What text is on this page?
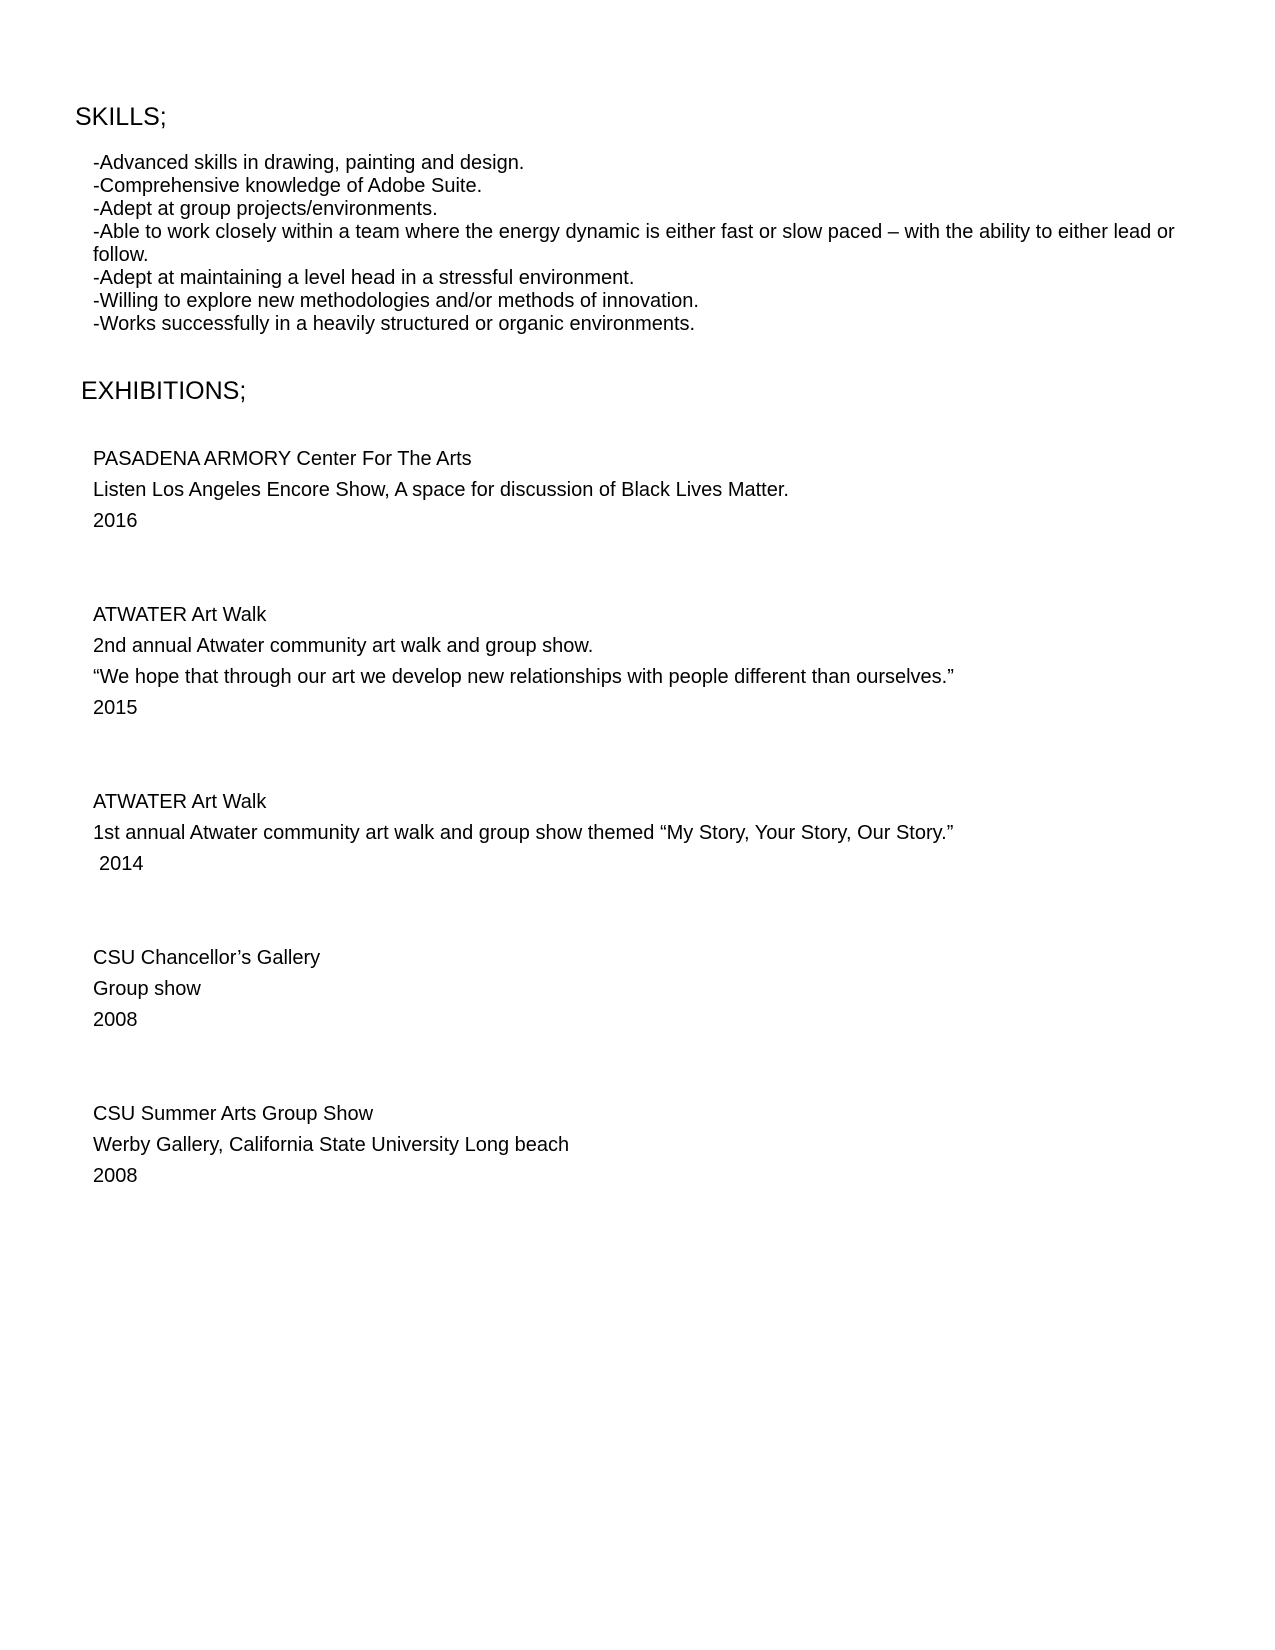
SKILLS;
-Advanced skills in drawing, painting and design.
-Comprehensive knowledge of Adobe Suite.
-Adept at group projects/environments.
-Able to work closely within a team where the energy dynamic is either fast or slow paced – with the ability to either lead or follow.
-Adept at maintaining a level head in a stressful environment.
-Willing to explore new methodologies and/or methods of innovation.
-Works successfully in a heavily structured or organic environments.
EXHIBITIONS;
PASADENA ARMORY Center For The Arts
Listen Los Angeles Encore Show, A space for discussion of Black Lives Matter.
2016
ATWATER Art Walk
2nd annual Atwater community art walk and group show.
“We hope that through our art we develop new relationships with people different than ourselves.”
2015
ATWATER Art Walk
1st annual Atwater community art walk and group show themed “My Story, Your Story, Our Story.”
2014
CSU Chancellor’s Gallery
Group show
2008
CSU Summer Arts Group Show
Werby Gallery, California State University Long beach
2008
